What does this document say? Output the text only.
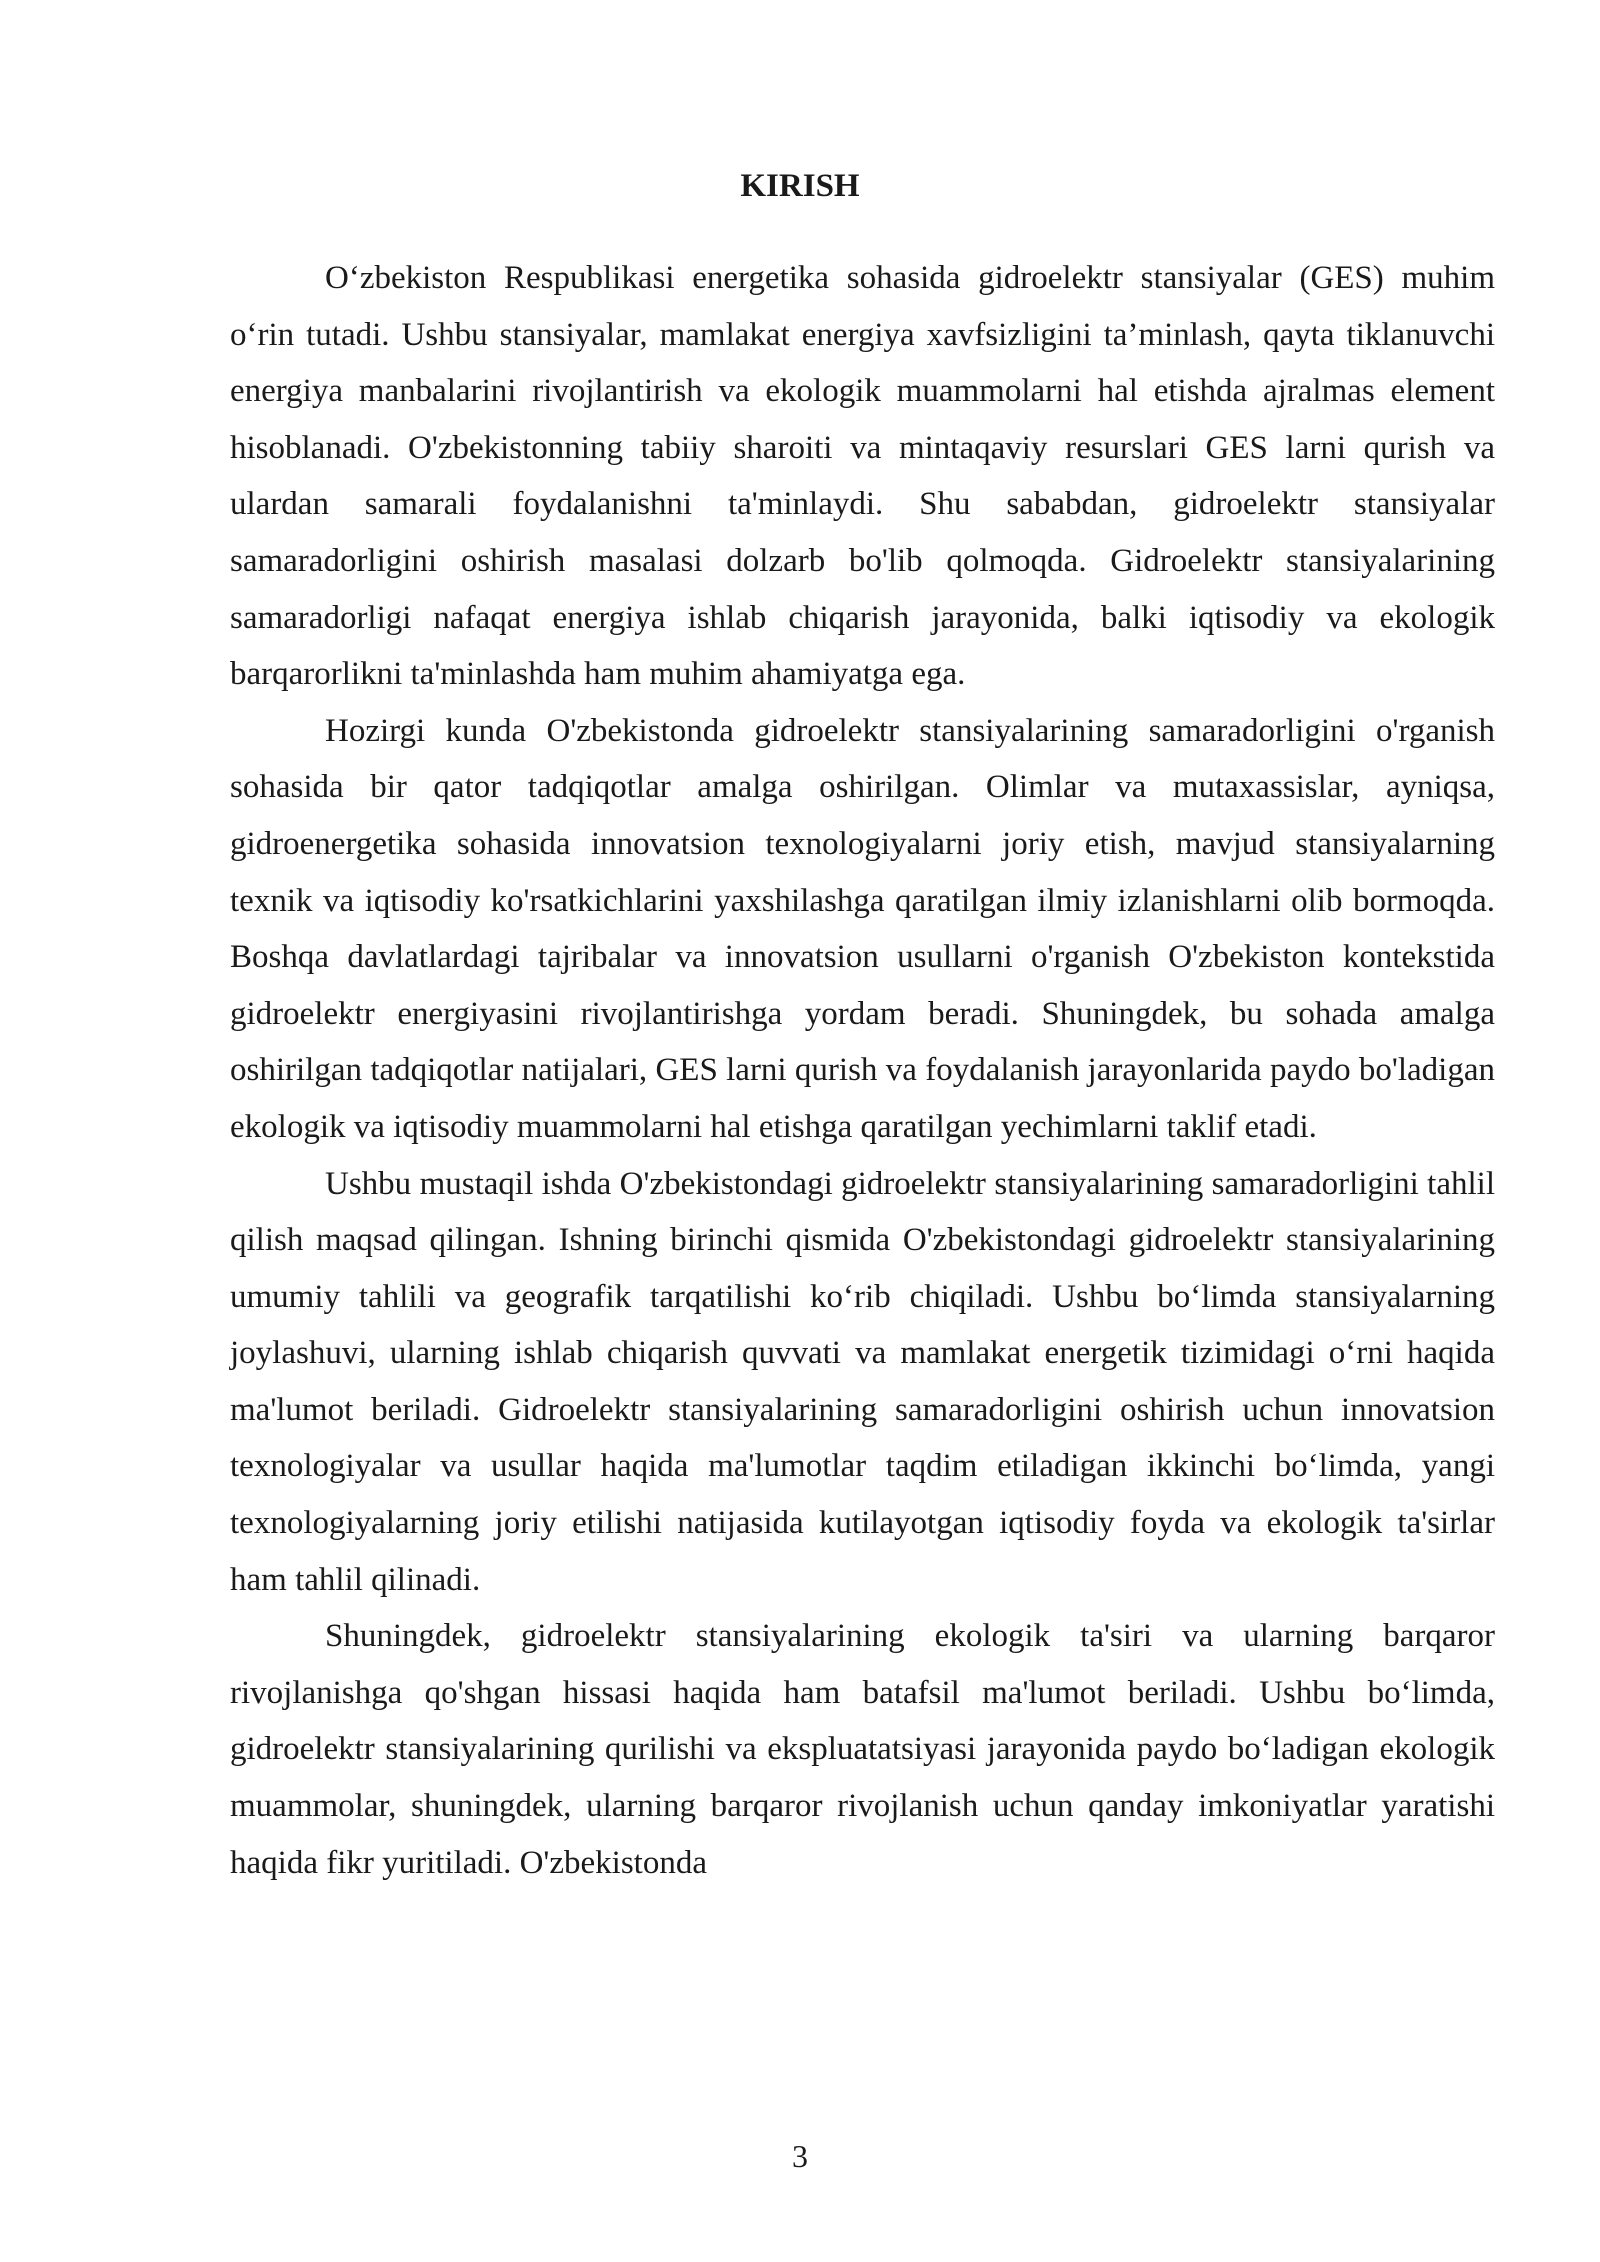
KIRISH

O‘zbekiston Respublikasi energetika sohasida gidroelektr stansiyalar (GES) muhim o‘rin tutadi. Ushbu stansiyalar, mamlakat energiya xavfsizligini ta’minlash, qayta tiklanuvchi energiya manbalarini rivojlantirish va ekologik muammolarni hal etishda ajralmas element hisoblanadi. O'zbekistonning tabiiy sharoiti va mintaqaviy resurslari GES larni qurish va ulardan samarali foydalanishni ta'minlaydi. Shu sababdan, gidroelektr stansiyalar samaradorligini oshirish masalasi dolzarb bo'lib qolmoqda. Gidroelektr stansiyalarining samaradorligi nafaqat energiya ishlab chiqarish jarayonida, balki iqtisodiy va ekologik barqarorlikni ta'minlashda ham muhim ahamiyatga ega.

Hozirgi kunda O'zbekistonda gidroelektr stansiyalarining samaradorligini o'rganish sohasida bir qator tadqiqotlar amalga oshirilgan. Olimlar va mutaxassislar, ayniqsa, gidroenergetika sohasida innovatsion texnologiyalarni joriy etish, mavjud stansiyalarning texnik va iqtisodiy ko'rsatkichlarini yaxshilashga qaratilgan ilmiy izlanishlarni olib bormoqda. Boshqa davlatlardagi tajribalar va innovatsion usullarni o'rganish O'zbekiston kontekstida gidroelektr energiyasini rivojlantirishga yordam beradi. Shuningdek, bu sohada amalga oshirilgan tadqiqotlar natijalari, GES larni qurish va foydalanish jarayonlarida paydo bo'ladigan ekologik va iqtisodiy muammolarni hal etishga qaratilgan yechimlarni taklif etadi.

Ushbu mustaqil ishda O'zbekistondagi gidroelektr stansiyalarining samaradorligini tahlil qilish maqsad qilingan. Ishning birinchi qismida O'zbekistondagi gidroelektr stansiyalarining umumiy tahlili va geografik tarqatilishi ko‘rib chiqiladi. Ushbu bo‘limda stansiyalarning joylashuvi, ularning ishlab chiqarish quvvati va mamlakat energetik tizimidagi o‘rni haqida ma'lumot beriladi. Gidroelektr stansiyalarining samaradorligini oshirish uchun innovatsion texnologiyalar va usullar haqida ma'lumotlar taqdim etiladigan ikkinchi bo‘limda, yangi texnologiyalarning joriy etilishi natijasida kutilayotgan iqtisodiy foyda va ekologik ta'sirlar ham tahlil qilinadi.

Shuningdek, gidroelektr stansiyalarining ekologik ta'siri va ularning barqaror rivojlanishga qo'shgan hissasi haqida ham batafsil ma'lumot beriladi. Ushbu bo‘limda, gidroelektr stansiyalarining qurilishi va ekspluatatsiyasi jarayonida paydo bo‘ladigan ekologik muammolar, shuningdek, ularning barqaror rivojlanish uchun qanday imkoniyatlar yaratishi haqida fikr yuritiladi. O'zbekistonda

3
